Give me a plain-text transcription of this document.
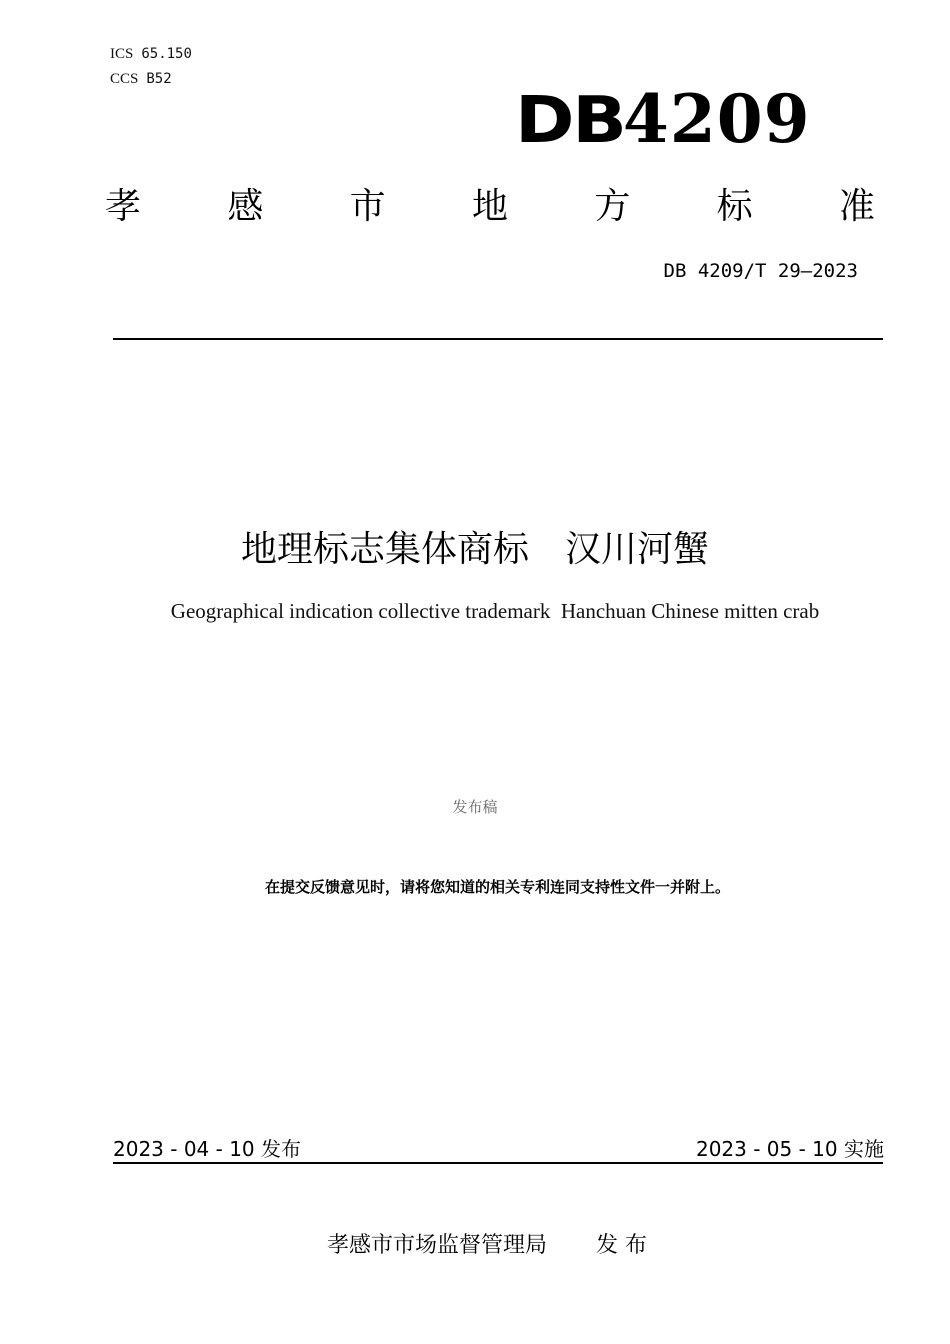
ICS 65.150
CCS B52
DB4209
孝 感 市 地 方 标 准
DB 4209/T 29—2023
地理标志集体商标　汉川河蟹
Geographical indication collective trademark  Hanchuan Chinese mitten crab
发布稿
在提交反馈意见时，请将您知道的相关专利连同支持性文件一并附上。
2023 - 04 - 10 发布	2023 - 05 - 10 实施
孝感市市场监督管理局 发 布
